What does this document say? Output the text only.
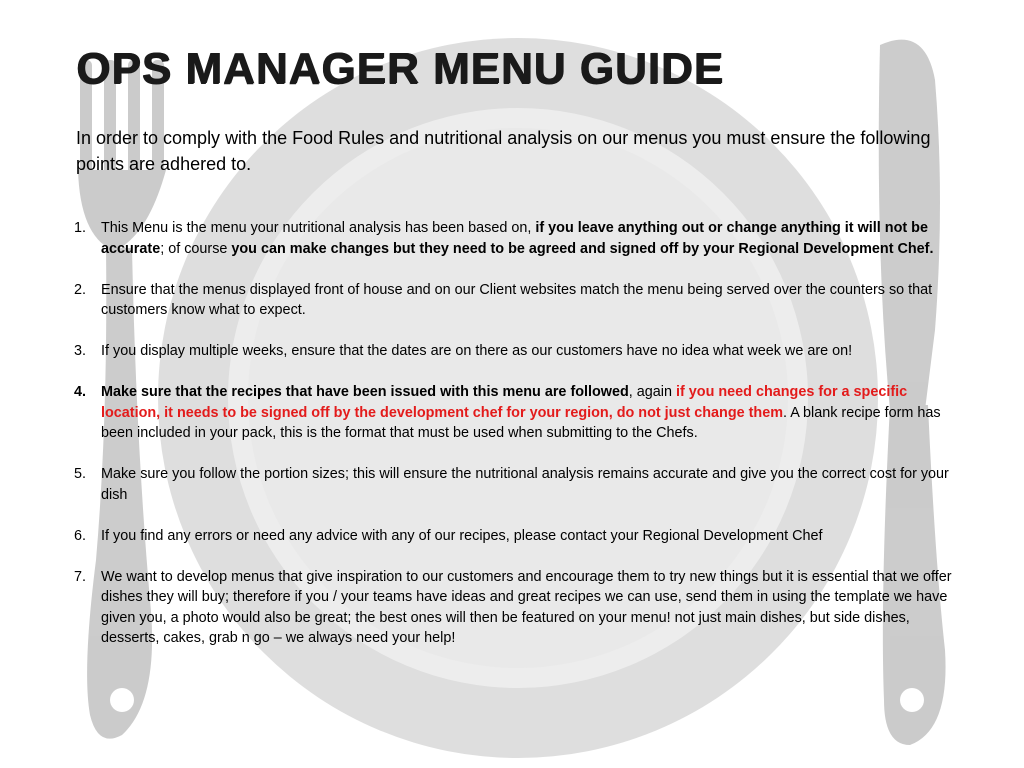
OPS MANAGER MENU GUIDE

In order to comply with the Food Rules and nutritional analysis on our menus you must ensure the following points are adhered to.

1.	This Menu is the menu your nutritional analysis has been based on, if you leave anything out or change anything it will not be accurate; of course you can make changes but they need to be agreed and signed off by your Regional Development Chef.
2.	Ensure that the menus displayed front of house and on our Client websites match the menu being served over the counters so that customers know what to expect.
3.	If you display multiple weeks, ensure that the dates are on there as our customers have no idea what week we are on!
4.	Make sure that the recipes that have been issued with this menu are followed, again if you need changes for a specific location, it needs to be signed off by the development chef for your region, do not just change them. A blank recipe form has been included in your pack, this is the format that must be used when submitting to the Chefs.
5.	Make sure you follow the portion sizes; this will ensure the nutritional analysis remains accurate and give you the correct cost for your dish
6.	If you find any errors or need any advice with any of our recipes, please contact your Regional Development Chef
7.	We want to develop menus that give inspiration to our customers and encourage them to try new things but it is essential that we offer dishes they will buy; therefore if you / your teams have ideas and great recipes we can use, send them in using the template we have given you, a photo would also be great; the best ones will then be featured on your menu! not just main dishes, but side dishes, desserts, cakes, grab n go – we always need your help!
